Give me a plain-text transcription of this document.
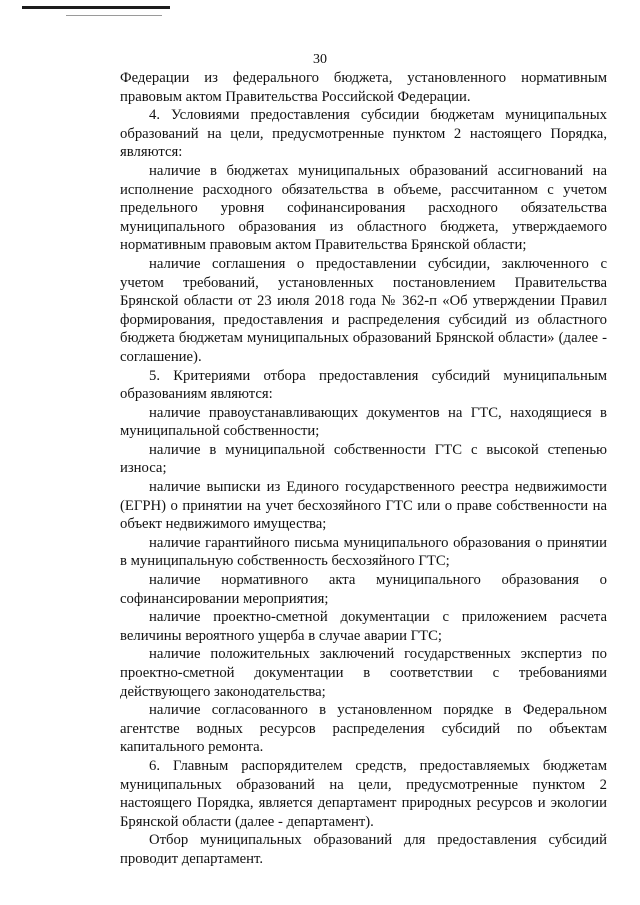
30

Федерации из федерального бюджета, установленного нормативным правовым актом Правительства Российской Федерации.

4. Условиями предоставления субсидии бюджетам муниципальных образований на цели, предусмотренные пунктом 2 настоящего Порядка, являются:

наличие в бюджетах муниципальных образований ассигнований на исполнение расходного обязательства в объеме, рассчитанном с учетом предельного уровня софинансирования расходного обязательства муниципального образования из областного бюджета, утверждаемого нормативным правовым актом Правительства Брянской области;

наличие соглашения о предоставлении субсидии, заключенного с учетом требований, установленных постановлением Правительства Брянской области от 23 июля 2018 года № 362-п «Об утверждении Правил формирования, предоставления и распределения субсидий из областного бюджета бюджетам муниципальных образований Брянской области» (далее - соглашение).

5. Критериями отбора предоставления субсидий муниципальным образованиям являются:

наличие правоустанавливающих документов на ГТС, находящиеся в муниципальной собственности;

наличие в муниципальной собственности ГТС с высокой степенью износа;

наличие выписки из Единого государственного реестра недвижимости (ЕГРН) о принятии на учет бесхозяйного ГТС или о праве собственности на объект недвижимого имущества;

наличие гарантийного письма муниципального образования о принятии в муниципальную собственность бесхозяйного ГТС;

наличие нормативного акта муниципального образования о софинансировании мероприятия;

наличие проектно-сметной документации с приложением расчета величины вероятного ущерба в случае аварии ГТС;

наличие положительных заключений государственных экспертиз по проектно-сметной документации в соответствии с требованиями действующего законодательства;

наличие согласованного в установленном порядке в Федеральном агентстве водных ресурсов распределения субсидий по объектам капитального ремонта.

6. Главным распорядителем средств, предоставляемых бюджетам муниципальных образований на цели, предусмотренные пунктом 2 настоящего Порядка, является департамент природных ресурсов и экологии Брянской области (далее - департамент).

Отбор муниципальных образований для предоставления субсидий проводит департамент.
